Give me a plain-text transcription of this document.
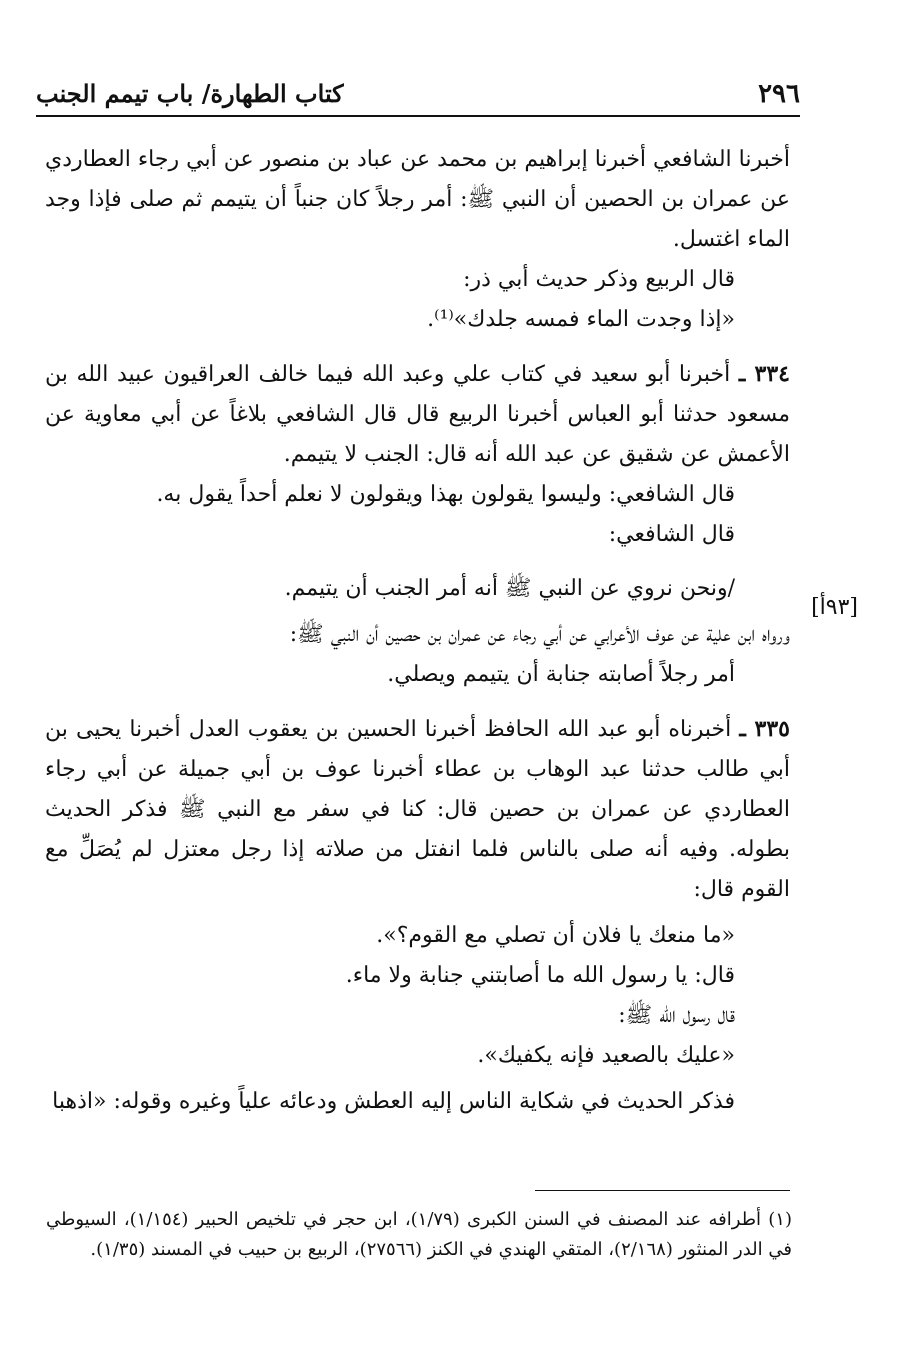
٢٩٦
كتاب الطهارة/ باب تيمم الجنب
[٩٣أ]

أخبرنا الشافعي أخبرنا إبراهيم بن محمد عن عباد بن منصور عن أبي رجاء العطاردي عن عمران بن الحصين أن النبي ﷺ: أمر رجلاً كان جنباً أن يتيمم ثم صلى فإذا وجد الماء اغتسل.

قال الربيع وذكر حديث أبي ذر:

«إذا وجدت الماء فمسه جلدك»⁽¹⁾.

٣٣٤ ـ أخبرنا أبو سعيد في كتاب علي وعبد الله فيما خالف العراقيون عبيد الله بن مسعود حدثنا أبو العباس أخبرنا الربيع قال قال الشافعي بلاغاً عن أبي معاوية عن الأعمش عن شقيق عن عبد الله أنه قال: الجنب لا يتيمم.

قال الشافعي: وليسوا يقولون بهذا ويقولون لا نعلم أحداً يقول به.

قال الشافعي:

/ونحن نروي عن النبي ﷺ أنه أمر الجنب أن يتيمم.

ورواه ابن علية عن عوف الأعرابي عن أبي رجاء عن عمران بن حصين أن النبي ﷺ:

أمر رجلاً أصابته جنابة أن يتيمم ويصلي.

٣٣٥ ـ أخبرناه أبو عبد الله الحافظ أخبرنا الحسين بن يعقوب العدل أخبرنا يحيى بن أبي طالب حدثنا عبد الوهاب بن عطاء أخبرنا عوف بن أبي جميلة عن أبي رجاء العطاردي عن عمران بن حصين قال: كنا في سفر مع النبي ﷺ فذكر الحديث بطوله. وفيه أنه صلى بالناس فلما انفتل من صلاته إذا رجل معتزل لم يُصَلِّ مع القوم قال:

«ما منعك يا فلان أن تصلي مع القوم؟».

قال: يا رسول الله ما أصابتني جنابة ولا ماء.

قال رسول الله ﷺ:

«عليك بالصعيد فإنه يكفيك».

فذكر الحديث في شكاية الناس إليه العطش ودعائه علياً وغيره وقوله: «اذهبا

(١) أطرافه عند المصنف في السنن الكبرى (١/٧٩)، ابن حجر في تلخيص الحبير (١/١٥٤)، السيوطي في الدر المنثور (٢/١٦٨)، المتقي الهندي في الكنز (٢٧٥٦٦)، الربيع بن حبيب في المسند (١/٣٥).
